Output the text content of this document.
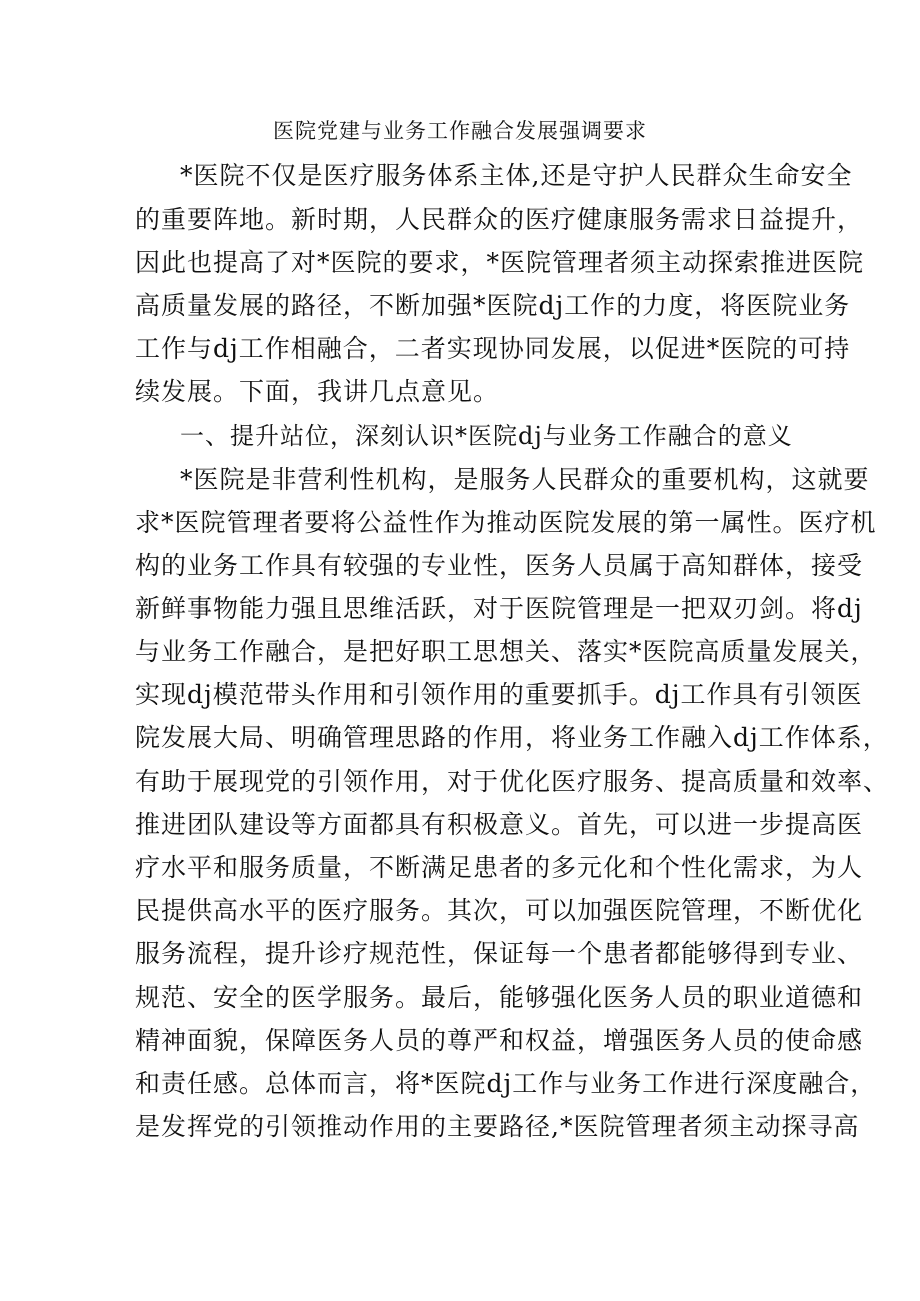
医院党建与业务工作融合发展强调要求
*医院不仅是医疗服务体系主体,还是守护人民群众生命安全
的重要阵地。新时期，人民群众的医疗健康服务需求日益提升，
因此也提高了对*医院的要求，*医院管理者须主动探索推进医院
高质量发展的路径，不断加强*医院dj工作的力度，将医院业务
工作与dj工作相融合，二者实现协同发展，以促进*医院的可持
续发展。下面，我讲几点意见。
一、提升站位，深刻认识*医院dj与业务工作融合的意义
*医院是非营利性机构，是服务人民群众的重要机构，这就要
求*医院管理者要将公益性作为推动医院发展的第一属性。医疗机
构的业务工作具有较强的专业性，医务人员属于高知群体，接受
新鲜事物能力强且思维活跃，对于医院管理是一把双刃剑。将dj
与业务工作融合，是把好职工思想关、落实*医院高质量发展关，
实现dj模范带头作用和引领作用的重要抓手。dj工作具有引领医
院发展大局、明确管理思路的作用，将业务工作融入dj工作体系，
有助于展现党的引领作用，对于优化医疗服务、提高质量和效率、
推进团队建设等方面都具有积极意义。首先，可以进一步提高医
疗水平和服务质量，不断满足患者的多元化和个性化需求，为人
民提供高水平的医疗服务。其次，可以加强医院管理，不断优化
服务流程，提升诊疗规范性，保证每一个患者都能够得到专业、
规范、安全的医学服务。最后，能够强化医务人员的职业道德和
精神面貌，保障医务人员的尊严和权益，增强医务人员的使命感
和责任感。总体而言，将*医院dj工作与业务工作进行深度融合，
是发挥党的引领推动作用的主要路径,*医院管理者须主动探寻高
